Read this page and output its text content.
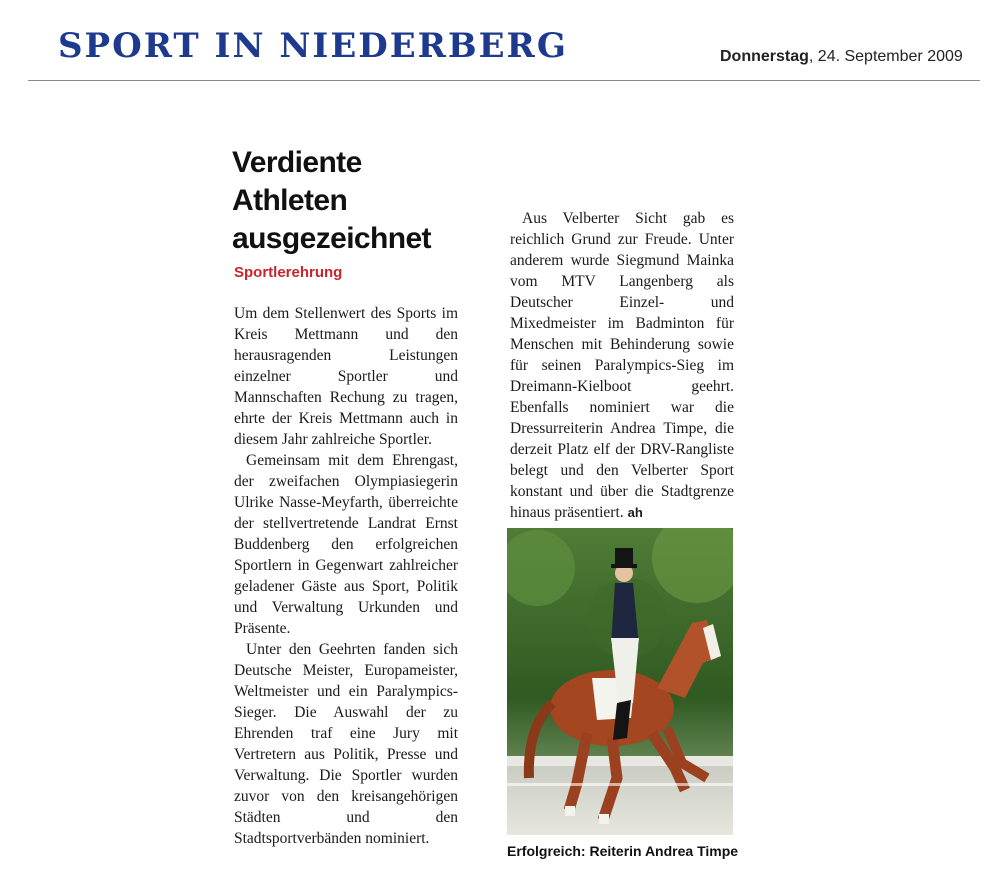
SPORT IN NIEDERBERG	Donnerstag, 24. September 2009
Verdiente
Athleten
ausgezeichnet
Sportlerehrung

Um dem Stellenwert des Sports im Kreis Mettmann und den herausragenden Leistungen einzelner Sportler und Mannschaften Rechung zu tragen, ehrte der Kreis Mettmann auch in diesem Jahr zahlreiche Sportler.

Gemeinsam mit dem Ehrengast, der zweifachen Olympiasiegerin Ulrike Nasse-Meyfarth, überreichte der stellvertretende Landrat Ernst Buddenberg den erfolgreichen Sportlern in Gegenwart zahlreicher geladener Gäste aus Sport, Politik und Verwaltung Urkunden und Präsente.

Unter den Geehrten fanden sich Deutsche Meister, Europameister, Weltmeister und ein Paralympics-Sieger. Die Auswahl der zu Ehrenden traf eine Jury mit Vertretern aus Politik, Presse und Verwaltung. Die Sportler wurden zuvor von den kreisangehörigen Städten und den Stadtsportverbänden nominiert.

Aus Velberter Sicht gab es reichlich Grund zur Freude. Unter anderem wurde Siegmund Mainka vom MTV Langenberg als Deutscher Einzel- und Mixedmeister im Badminton für Menschen mit Behinderung sowie für seinen Paralympics-Sieg im Dreimann-Kielboot geehrt. Ebenfalls nominiert war die Dressurreiterin Andrea Timpe, die derzeit Platz elf der DRV-Rangliste belegt und den Velberter Sport konstant und über die Stadtgrenze hinaus präsentiert. ah

Erfolgreich: Reiterin Andrea Timpe
